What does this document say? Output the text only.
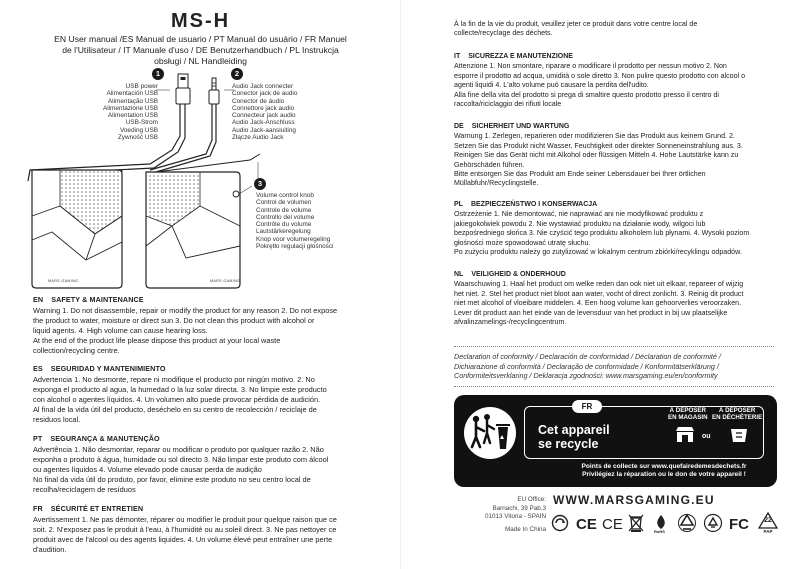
MS-H
EN User manual /ES Manual de usuario / PT Manual do usuário / FR Manuel
de l'Utilisateur / IT Manuale d'uso / DE Benutzerhandbuch / PL Instrukcja
obsługi / NL Handleiding
1	2
3
USB power
Alimentación USB
Alimentação USB
Alimentazione USB
Alimentation USB
USB-Strom
Voeding USB
Zywność USB
Audio Jack connecter
Conector jack de audio
Conector de áudio
Connettore jack audio
Connecteur jack audio
Audio Jack-Anschluss
Audio Jack-aansluiting
Złącze Audio Jack
Volume control knob
Control de volumen
Controle de volume
Controllo del volume
Contrôle du volume
Lautstärkeregelung
Knop voor volumeregeling
Pokrętło regulacji głośności
MARS GAMING	MARS GAMING
EN SAFETY & MAINTENANCE
Warning 1. Do not disassemble, repair or modify the product for any reason 2. Do not expose
the product to water, moisture or direct sun 3. Do not clean this product with alcohol or
liquid agents. 4. High volume can cause hearing loss.
At the end of the product life please dispose this product at your local waste
collection/recycling centre.
ES SEGURIDAD Y MANTENIMIENTO
Advertencia 1. No desmonte, repare ni modifique el producto por ningún motivo. 2. No
exponga el producto al agua, la humedad o la luz solar directa. 3. No limpie este producto
con alcohol o agentes líquidos. 4. Un volumen alto puede provocar pérdida de audición.
Al final de la vida útil del producto, deséchelo en su centro de recolección / reciclaje de
residuos local.
PT SEGURANÇA & MANUTENÇÃO
Advertência 1. Não desmontar, reparar ou modificar o produto por qualquer razão 2. Não
exponha o produto à água, humidade ou sol directo 3. Não limpar este produto com álcool
ou agentes líquidos 4. Volume elevado pode causar perda de audição
No final da vida útil do produto, por favor, elimine este produto no seu centro local de
recolha/reciclagem de resíduos
FR SÉCURITÉ ET ENTRETIEN
Avertissement 1. Ne pas démonter, réparer ou modifier le produit pour quelque raison que ce
soit. 2. N'exposez pas le produit à l'eau, à l'humidité ou au soleil direct. 3. Ne pas nettoyer ce
produit avec de l'alcool ou des agents liquides. 4. Un volume élevé peut entraîner une perte
d'audition.
À la fin de la vie du produit, veuillez jeter ce produit dans votre centre local de
collecte/recyclage des déchets.
IT SICUREZZA E MANUTENZIONE
Attenzione 1. Non smontare, riparare o modificare il prodotto per nessun motivo 2. Non
esporre il prodotto ad acqua, umidità o sole diretto 3. Non pulire questo prodotto con alcool o
agenti liquidi 4. L'alto volume può causare la perdita dell'udito.
Alla fine della vita del prodotto si prega di smaltire questo prodotto presso il centro di
raccolta/riciclaggio dei rifiuti locale
DE SICHERHEIT UND WARTUNG
Warnung 1. Zerlegen, reparieren oder modifizieren Sie das Produkt aus keinem Grund. 2.
Setzen Sie das Produkt nicht Wasser, Feuchtigkeit oder direkter Sonneneinstrahlung aus. 3.
Reinigen Sie das Gerät nicht mit Alkohol oder flüssigen Mitteln 4. Hohe Lautstärke kann zu
Gehörschäden führen.
Bitte entsorgen Sie das Produkt am Ende seiner Lebensdauer bei Ihrer örtlichen
Müllabfuhr/Recyclingstelle.
PL BEZPIECZEŃSTWO I KONSERWACJA
Ostrzeżenie 1. Nie demontować, nie naprawiać ani nie modyfikować produktu z
jakiegokolwiek powodu 2. Nie wystawiać produktu na działanie wody, wilgoci lub
bezpośredniego słońca 3. Nie czyścić tego produktu alkoholem lub płynami. 4. Wysoki poziom
głośności może spowodować utratę słuchu.
Po zużyciu produktu należy go zutylizować w lokalnym centrum zbiórki/recyklingu odpadów.
NL VEILIGHEID & ONDERHOUD
Waarschuwing 1. Haal het product om welke reden dan ook niet uit elkaar, repareer of wijzig
het niet. 2. Stel het product niet bloot aan water, vocht of direct zonlicht. 3. Reinig dit product
niet met alcohol of vloeibare middelen. 4. Een hoog volume kan gehoorverlies veroorzaken.
Lever dit product aan het einde van de levensduur van het product in bij uw plaatselijke
afvalinzamelings-/recyclingcentrum.
Declaration of conformity / Declaración de conformidad / Déclaration de conformité /
Dichiarazione di conformità / Declaração de conformidade / Konformitätserklärung /
Conformiteitsverklaring / Deklaracja zgodności: www.marsgaming.eu/en/conformity
FR
Cet appareil
se recycle
À DÉPOSER
EN MAGASIN
À DÉPOSER
EN DÉCHÈTERIE
ou
Points de collecte sur www.quefairedemesdechets.fr
Privilégiez la réparation ou le don de votre appareil !
EU Office:
Barnachi, 39 Pab.3
01013 Vitoria - SPAIN
Made In China
WWW.MARSGAMING.EU
CE CE	RoHS	FC	22
PAP
